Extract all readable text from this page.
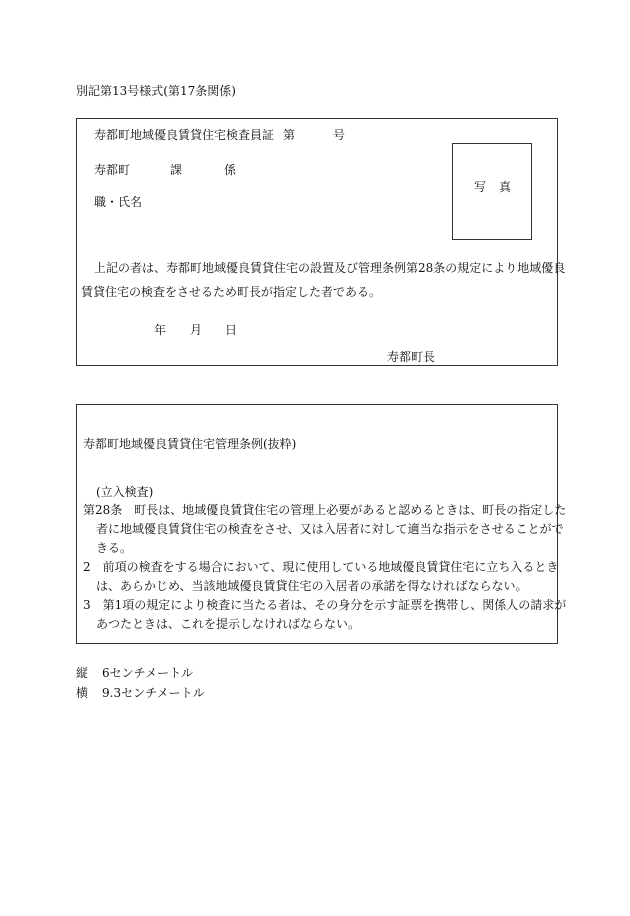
別記第13号様式(第17条関係)
寿都町地域優良賃貸住宅検査員証 第	号
寿都町	課	係
職・氏名
写 真
上記の者は、寿都町地域優良賃貸住宅の設置及び管理条例第28条の規定により地域優良
賃貸住宅の検査をさせるため町長が指定した者である。
年 月 日
寿都町長
寿都町地域優良賃貸住宅管理条例(抜粋)
(立入検査)
第28条　町長は、地域優良賃貸住宅の管理上必要があると認めるときは、町長の指定した
者に地域優良賃貸住宅の検査をさせ、又は入居者に対して適当な指示をさせることがで
きる。
2　前項の検査をする場合において、現に使用している地域優良賃貸住宅に立ち入るとき
は、あらかじめ、当該地域優良賃貸住宅の入居者の承諾を得なければならない。
3　第1項の規定により検査に当たる者は、その身分を示す証票を携帯し、関係人の請求が
あつたときは、これを提示しなければならない。
縦 6センチメートル
横 9.3センチメートル
